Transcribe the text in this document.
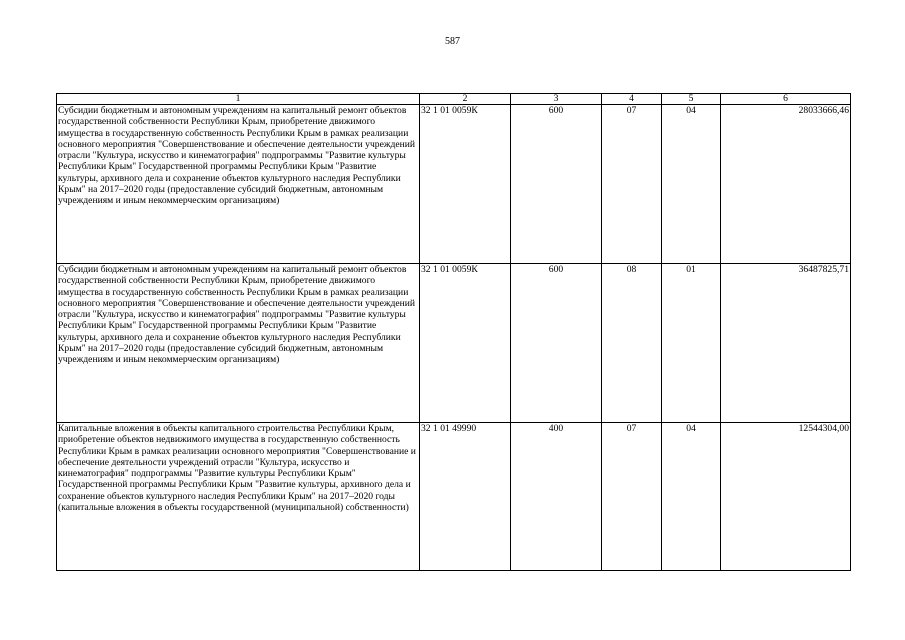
587
1	2	3	4	5	6
Субсидии бюджетным и автономным учреждениям на капитальный ремонт объектов государственной собственности Республики Крым, приобретение движимого имущества в государственную собственность Республики Крым в рамках реализации основного мероприятия "Совершенствование и обеспечение деятельности учреждений отрасли "Культура, искусство и кинематография" подпрограммы "Развитие культуры Республики Крым" Государственной программы Республики Крым "Развитие культуры, архивного дела и сохранение объектов культурного наследия Республики Крым" на 2017–2020 годы (предоставление субсидий бюджетным, автономным учреждениям и иным некоммерческим организациям)	32 1 01 0059К	600	07	04	28033666,46
Субсидии бюджетным и автономным учреждениям на капитальный ремонт объектов государственной собственности Республики Крым, приобретение движимого имущества в государственную собственность Республики Крым в рамках реализации основного мероприятия "Совершенствование и обеспечение деятельности учреждений отрасли "Культура, искусство и кинематография" подпрограммы "Развитие культуры Республики Крым" Государственной программы Республики Крым "Развитие культуры, архивного дела и сохранение объектов культурного наследия Республики Крым" на 2017–2020 годы (предоставление субсидий бюджетным, автономным учреждениям и иным некоммерческим организациям)	32 1 01 0059К	600	08	01	36487825,71
Капитальные вложения в объекты капитального строительства Республики Крым, приобретение объектов недвижимого имущества в государственную собственность Республики Крым в рамках реализации основного мероприятия "Совершенствование и обеспечение деятельности учреждений отрасли "Культура, искусство и кинематография" подпрограммы "Развитие культуры Республики Крым" Государственной программы Республики Крым "Развитие культуры, архивного дела и сохранение объектов культурного наследия Республики Крым" на 2017–2020 годы (капитальные вложения в объекты государственной (муниципальной) собственности)	32 1 01 49990	400	07	04	12544304,00
